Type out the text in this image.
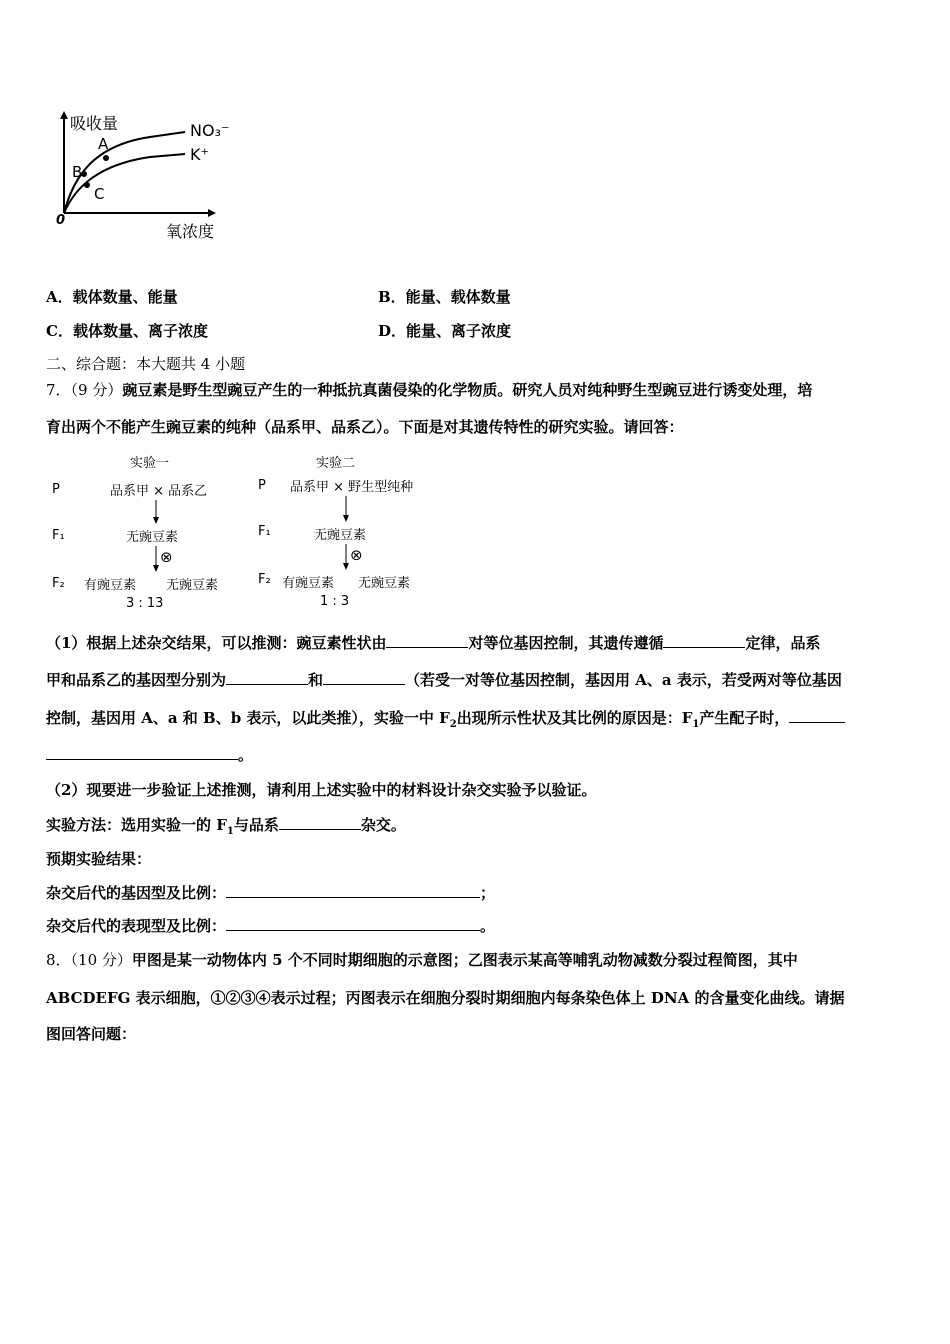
吸收量
氧浓度
0
NO₃⁻
K⁺
A
B
C
A．载体数量、能量	B．能量、载体数量
C．载体数量、离子浓度	D．能量、离子浓度
二、综合题：本大题共 4 小题
7．（9 分）豌豆素是野生型豌豆产生的一种抵抗真菌侵染的化学物质。研究人员对纯种野生型豌豆进行诱变处理，培
育出两个不能产生豌豆素的纯种（品系甲、品系乙）。下面是对其遗传特性的研究实验。请回答：
实验一	实验二
P	品系甲 × 品系乙	P 品系甲 × 野生型纯种
F₁	无豌豆素	F₁	无豌豆素
⊗	⊗
F₂ 有豌豆素 无豌豆素
3 : 13
F₂ 有豌豆素 无豌豆素
1 : 3
（1）根据上述杂交结果，可以推测：豌豆素性状由	对等位基因控制，其遗传遵循	定律，品系
甲和品系乙的基因型分别为	和	（若受一对等位基因控制，基因用 A、a 表示，若受两对等位基因
控制，基因用 A、a 和 B、b 表示，以此类推），实验一中 $F_2$出现所示性状及其比例的原因是：$F_1$产生配子时，
。
（2）现要进一步验证上述推测，请利用上述实验中的材料设计杂交实验予以验证。
实验方法：选用实验一的 $F_1$与品系	杂交。
预期实验结果：
杂交后代的基因型及比例：	；
杂交后代的表现型及比例：	。
8．（10 分）甲图是某一动物体内 5 个不同时期细胞的示意图；乙图表示某高等哺乳动物减数分裂过程简图，其中
ABCDEFG 表示细胞，①②③④表示过程；丙图表示在细胞分裂时期细胞内每条染色体上 DNA 的含量变化曲线。请据
图回答问题：
